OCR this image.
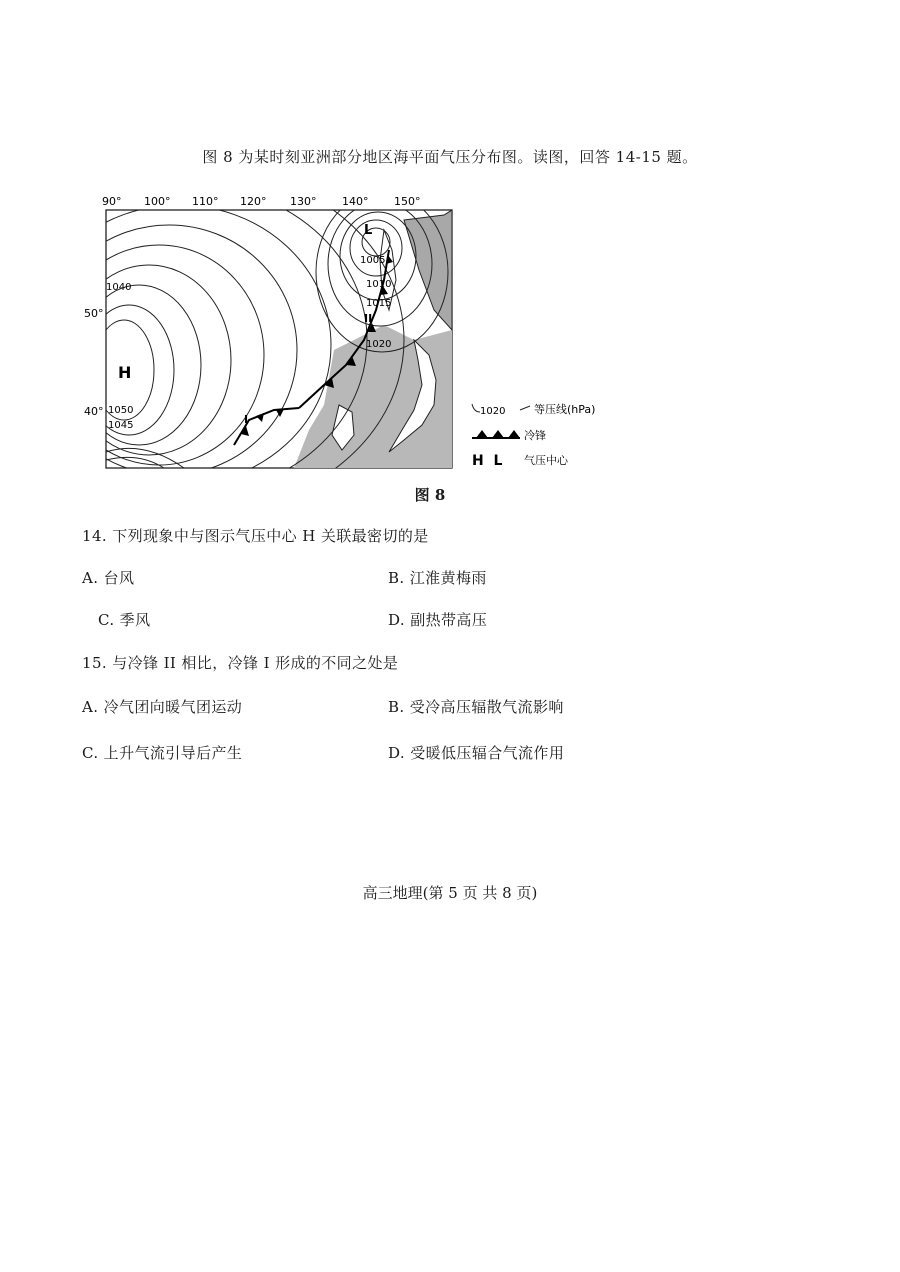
图 8 为某时刻亚洲部分地区海平面气压分布图。读图，回答 14-15 题。
90° 100° 110° 120° 130° 140° 150°
50°
40°
1040
1050
1045
1005
1010
1015
1020
H
L
I
II
1020	等压线(hPa)
冷锋
H  L 气压中心
图 8
14. 下列现象中与图示气压中心 H 关联最密切的是
A. 台风	B. 江淮黄梅雨
C. 季风	D. 副热带高压
15. 与冷锋 II 相比，冷锋 I 形成的不同之处是
A. 冷气团向暖气团运动	B. 受冷高压辐散气流影响
C. 上升气流引导后产生	D. 受暖低压辐合气流作用
高三地理(第 5 页 共 8 页)
